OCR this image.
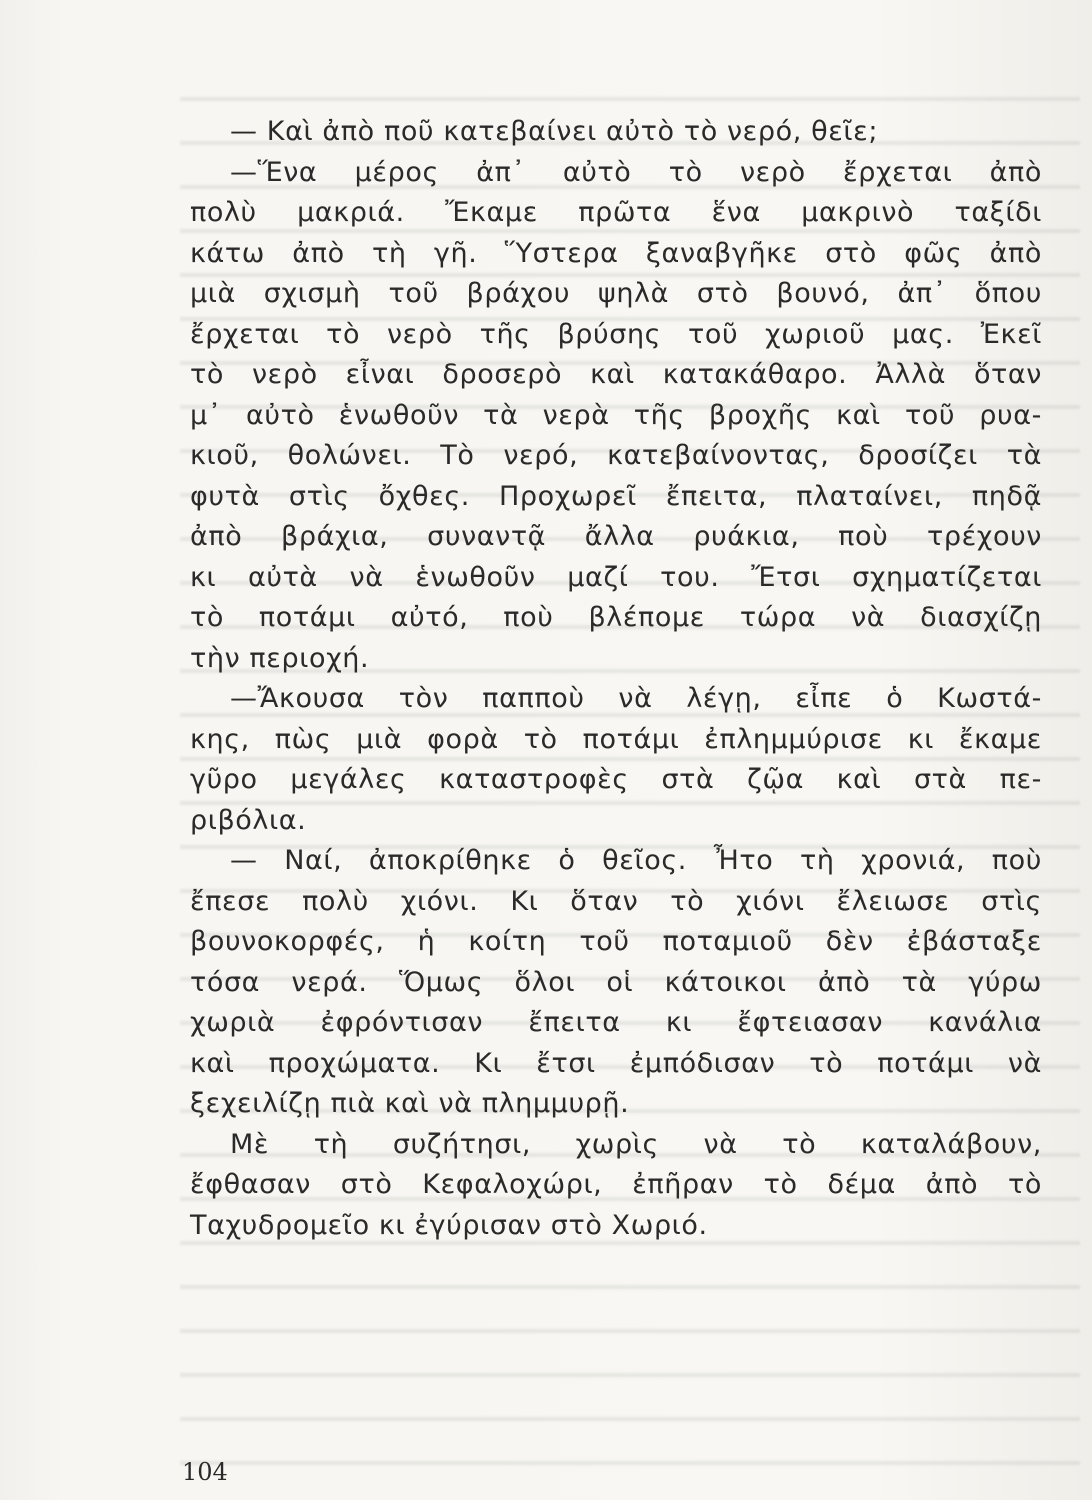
— Καὶ ἀπὸ ποῦ κατεβαίνει αὐτὸ τὸ νερό, θεῖε;
—Ἕνα μέρος ἀπ᾽ αὐτὸ τὸ νερὸ ἔρχεται ἀπὸ
πολὺ μακριά. Ἔκαμε πρῶτα ἕνα μακρινὸ ταξίδι
κάτω ἀπὸ τὴ γῆ. Ὕστερα ξαναβγῆκε στὸ φῶς ἀπὸ
μιὰ σχισμὴ τοῦ βράχου ψηλὰ στὸ βουνό, ἀπ᾽ ὅπου
ἔρχεται τὸ νερὸ τῆς βρύσης τοῦ χωριοῦ μας. Ἐκεῖ
τὸ νερὸ εἶναι δροσερὸ καὶ κατακάθαρο. Ἀλλὰ ὅταν
μ᾽ αὐτὸ ἑνωθοῦν τὰ νερὰ τῆς βροχῆς καὶ τοῦ ρυα-
κιοῦ, θολώνει. Τὸ νερό, κατεβαίνοντας, δροσίζει τὰ
φυτὰ στὶς ὄχθες. Προχωρεῖ ἔπειτα, πλαταίνει, πηδᾷ
ἀπὸ βράχια, συναντᾷ ἄλλα ρυάκια, ποὺ τρέχουν
κι αὐτὰ νὰ ἑνωθοῦν μαζί του. Ἔτσι σχηματίζεται
τὸ ποτάμι αὐτό, ποὺ βλέπομε τώρα νὰ διασχίζῃ
τὴν περιοχή.
—Ἄκουσα τὸν παπποὺ νὰ λέγῃ, εἶπε ὁ Κωστά-
κης, πὼς μιὰ φορὰ τὸ ποτάμι ἐπλημμύρισε κι ἔκαμε
γῦρο μεγάλες καταστροφὲς στὰ ζῷα καὶ στὰ πε-
ριβόλια.
— Ναί, ἀποκρίθηκε ὁ θεῖος. Ἦτο τὴ χρονιά, ποὺ
ἔπεσε πολὺ χιόνι. Κι ὅταν τὸ χιόνι ἔλειωσε στὶς
βουνοκορφές, ἡ κοίτη τοῦ ποταμιοῦ δὲν ἐβάσταξε
τόσα νερά. Ὅμως ὅλοι οἱ κάτοικοι ἀπὸ τὰ γύρω
χωριὰ ἐφρόντισαν ἔπειτα κι ἔφτειασαν κανάλια
καὶ προχώματα. Κι ἔτσι ἐμπόδισαν τὸ ποτάμι νὰ
ξεχειλίζῃ πιὰ καὶ νὰ πλημμυρῇ.
Μὲ τὴ συζήτησι, χωρὶς νὰ τὸ καταλάβουν,
ἔφθασαν στὸ Κεφαλοχώρι, ἐπῆραν τὸ δέμα ἀπὸ τὸ
Ταχυδρομεῖο κι ἐγύρισαν στὸ Χωριό.
104
